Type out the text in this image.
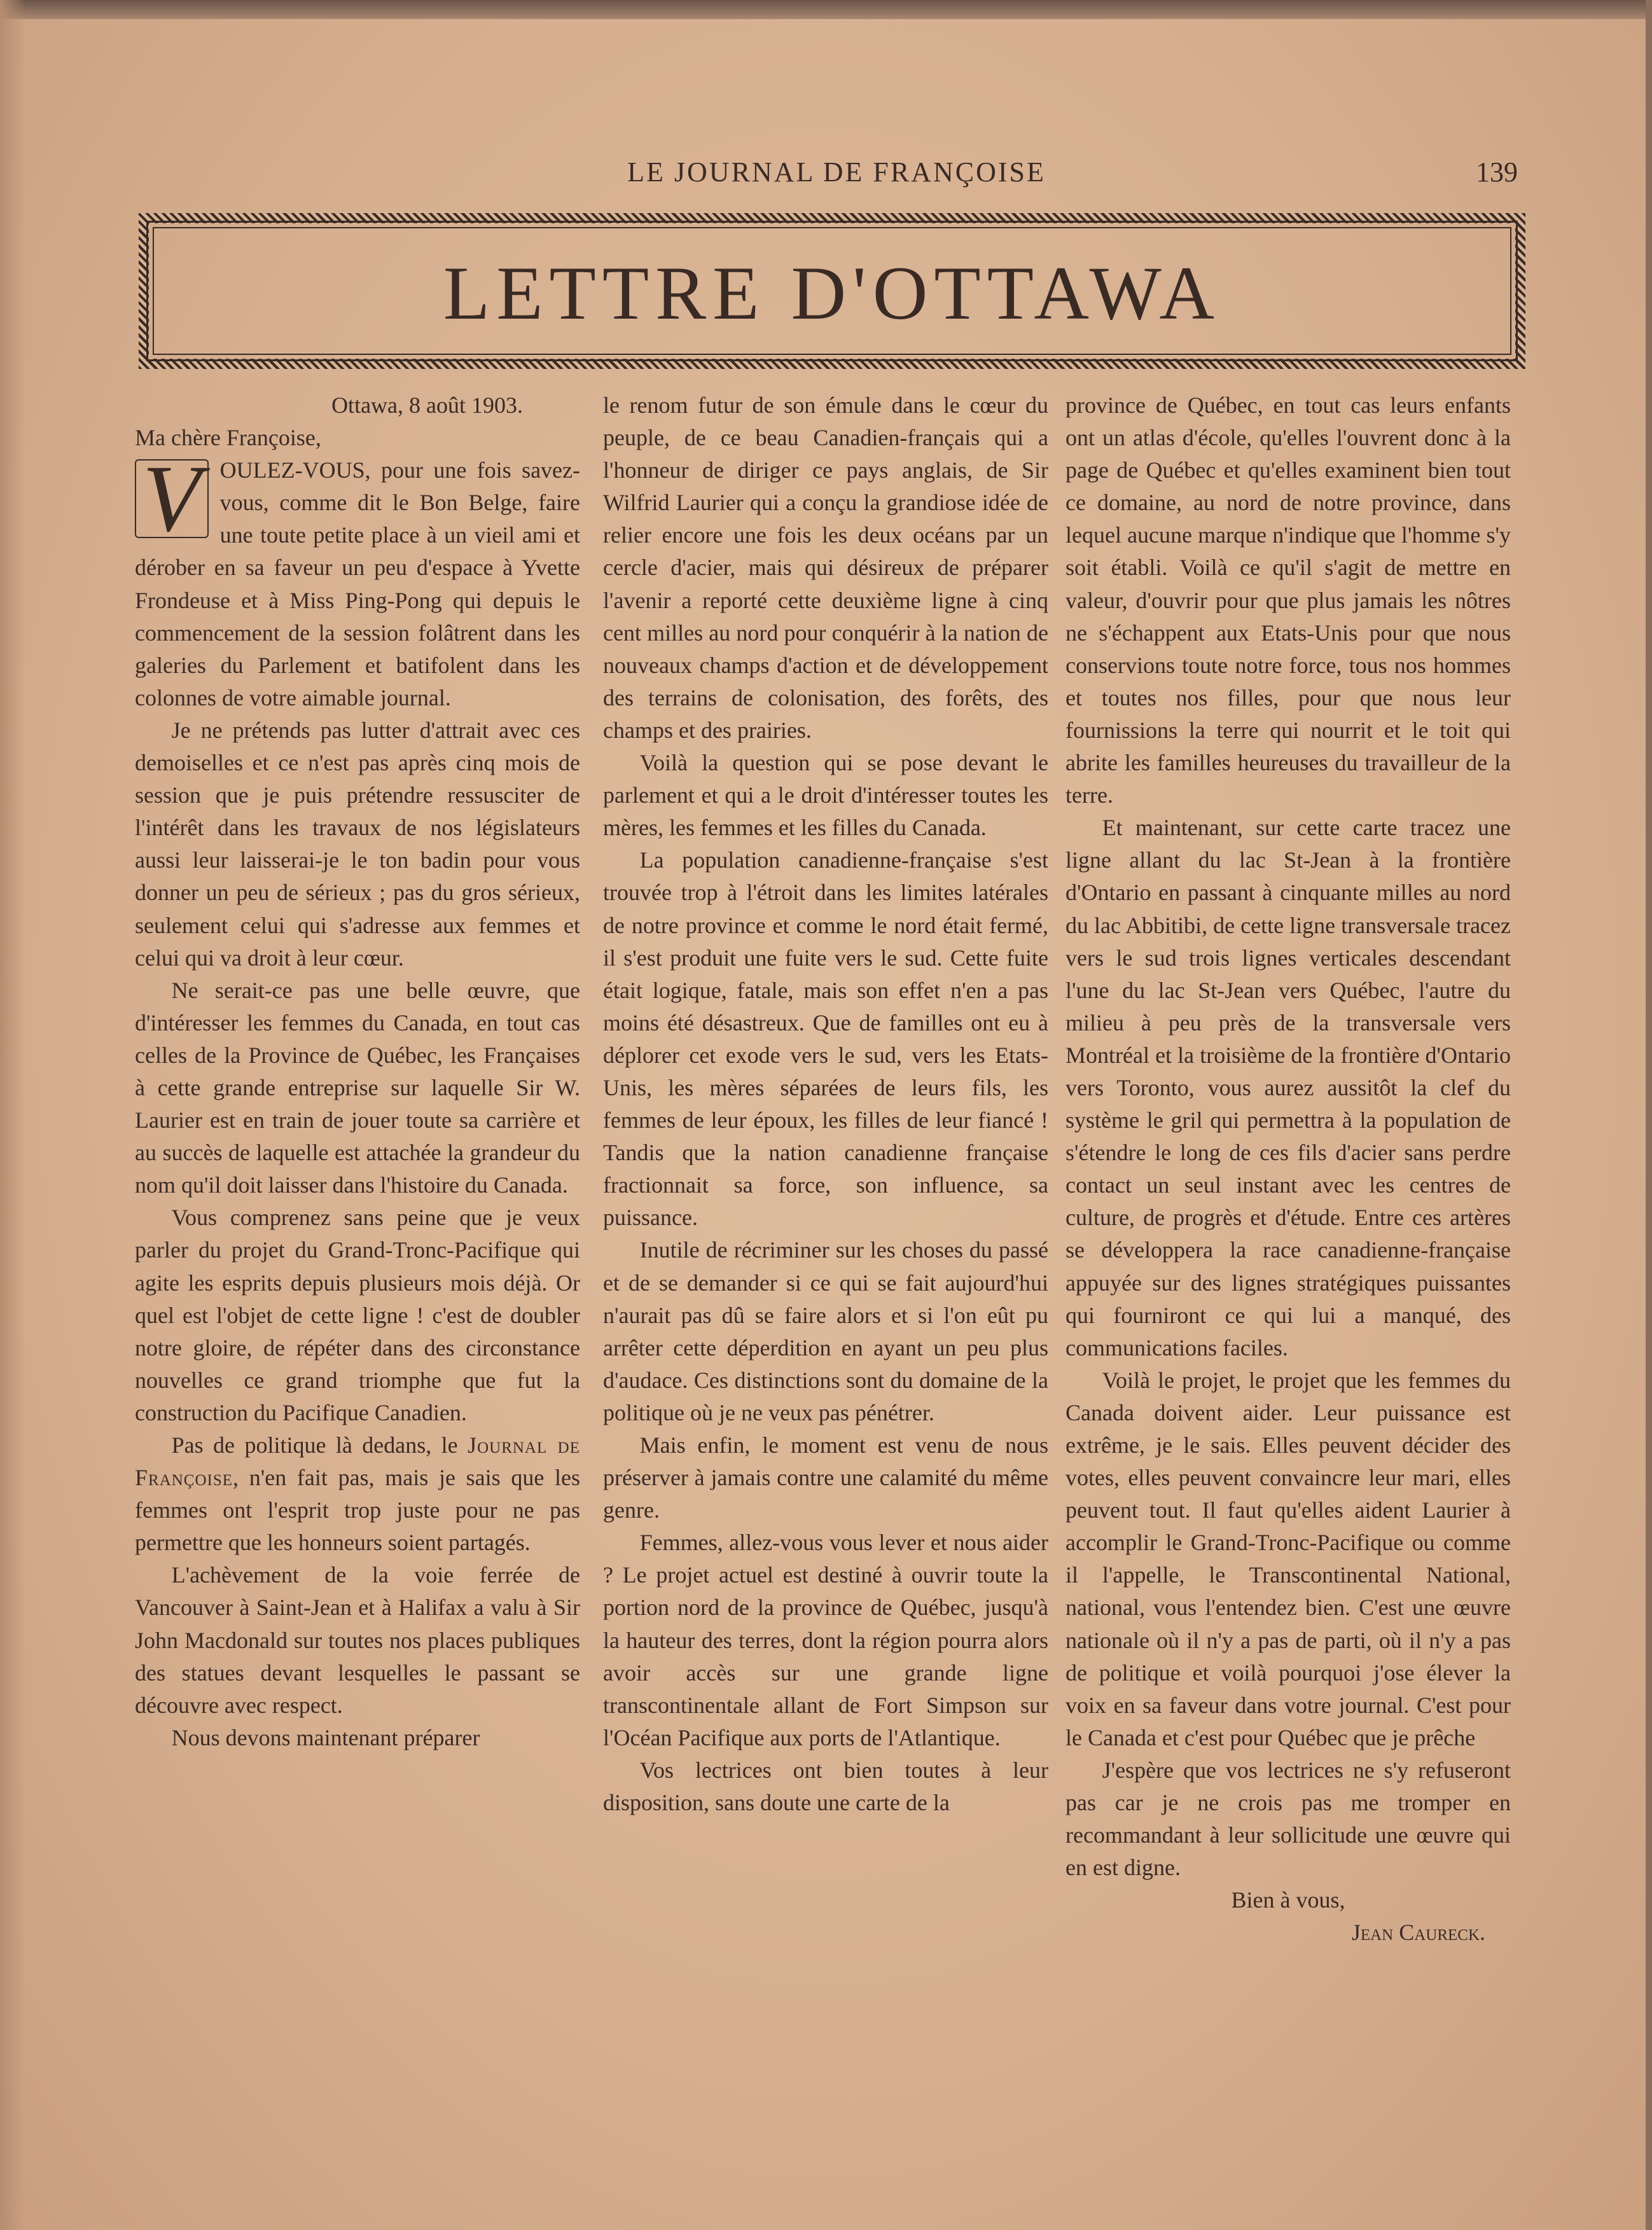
LE JOURNAL DE FRANÇOISE	139
LETTRE D'OTTAWA

Ottawa, 8 août 1903.

Ma chère Françoise,

V OULEZ-VOUS, pour une fois savez-vous, comme dit le Bon Belge, faire une toute petite place à un vieil ami et dérober en sa faveur un peu d'espace à Yvette Frondeuse et à Miss Ping-Pong qui depuis le commencement de la session folâtrent dans les galeries du Parlement et batifolent dans les colonnes de votre aimable journal.

Je ne prétends pas lutter d'attrait avec ces demoiselles et ce n'est pas après cinq mois de session que je puis prétendre ressusciter de l'intérêt dans les travaux de nos législateurs aussi leur laisserai-je le ton badin pour vous donner un peu de sérieux ; pas du gros sérieux, seulement celui qui s'adresse aux femmes et celui qui va droit à leur cœur.

Ne serait-ce pas une belle œuvre, que d'intéresser les femmes du Canada, en tout cas celles de la Province de Québec, les Françaises à cette grande entreprise sur laquelle Sir W. Laurier est en train de jouer toute sa carrière et au succès de laquelle est attachée la grandeur du nom qu'il doit laisser dans l'histoire du Canada.

Vous comprenez sans peine que je veux parler du projet du Grand-Tronc-Pacifique qui agite les esprits depuis plusieurs mois déjà. Or quel est l'objet de cette ligne ! c'est de doubler notre gloire, de répéter dans des circonstance nouvelles ce grand triomphe que fut la construction du Pacifique Canadien.

Pas de politique là dedans, le Journal de Françoise, n'en fait pas, mais je sais que les femmes ont l'esprit trop juste pour ne pas permettre que les honneurs soient partagés.

L'achèvement de la voie ferrée de Vancouver à Saint-Jean et à Halifax a valu à Sir John Macdonald sur toutes nos places publiques des statues devant lesquelles le passant se découvre avec respect.

Nous devons maintenant préparer

le renom futur de son émule dans le cœur du peuple, de ce beau Canadien-français qui a l'honneur de diriger ce pays anglais, de Sir Wilfrid Laurier qui a conçu la grandiose idée de relier encore une fois les deux océans par un cercle d'acier, mais qui désireux de préparer l'avenir a reporté cette deuxième ligne à cinq cent milles au nord pour conquérir à la nation de nouveaux champs d'action et de développement des terrains de colonisation, des forêts, des champs et des prairies.

Voilà la question qui se pose devant le parlement et qui a le droit d'intéresser toutes les mères, les femmes et les filles du Canada.

La population canadienne-française s'est trouvée trop à l'étroit dans les limites latérales de notre province et comme le nord était fermé, il s'est produit une fuite vers le sud. Cette fuite était logique, fatale, mais son effet n'en a pas moins été désastreux. Que de familles ont eu à déplorer cet exode vers le sud, vers les Etats-Unis, les mères séparées de leurs fils, les femmes de leur époux, les filles de leur fiancé ! Tandis que la nation canadienne française fractionnait sa force, son influence, sa puissance.

Inutile de récriminer sur les choses du passé et de se demander si ce qui se fait aujourd'hui n'aurait pas dû se faire alors et si l'on eût pu arrêter cette déperdition en ayant un peu plus d'audace. Ces distinctions sont du domaine de la politique où je ne veux pas pénétrer.

Mais enfin, le moment est venu de nous préserver à jamais contre une calamité du même genre.

Femmes, allez-vous vous lever et nous aider ? Le projet actuel est destiné à ouvrir toute la portion nord de la province de Québec, jusqu'à la hauteur des terres, dont la région pourra alors avoir accès sur une grande ligne transcontinentale allant de Fort Simpson sur l'Océan Pacifique aux ports de l'Atlantique.

Vos lectrices ont bien toutes à leur disposition, sans doute une carte de la

province de Québec, en tout cas leurs enfants ont un atlas d'école, qu'elles l'ouvrent donc à la page de Québec et qu'elles examinent bien tout ce domaine, au nord de notre province, dans lequel aucune marque n'indique que l'homme s'y soit établi. Voilà ce qu'il s'agit de mettre en valeur, d'ouvrir pour que plus jamais les nôtres ne s'échappent aux Etats-Unis pour que nous conservions toute notre force, tous nos hommes et toutes nos filles, pour que nous leur fournissions la terre qui nourrit et le toit qui abrite les familles heureuses du travailleur de la terre.

Et maintenant, sur cette carte tracez une ligne allant du lac St-Jean à la frontière d'Ontario en passant à cinquante milles au nord du lac Abbitibi, de cette ligne transversale tracez vers le sud trois lignes verticales descendant l'une du lac St-Jean vers Québec, l'autre du milieu à peu près de la transversale vers Montréal et la troisième de la frontière d'Ontario vers Toronto, vous aurez aussitôt la clef du système le gril qui permettra à la population de s'étendre le long de ces fils d'acier sans perdre contact un seul instant avec les centres de culture, de progrès et d'étude. Entre ces artères se développera la race canadienne-française appuyée sur des lignes stratégiques puissantes qui fourniront ce qui lui a manqué, des communications faciles.

Voilà le projet, le projet que les femmes du Canada doivent aider. Leur puissance est extrême, je le sais. Elles peuvent décider des votes, elles peuvent convaincre leur mari, elles peuvent tout. Il faut qu'elles aident Laurier à accomplir le Grand-Tronc-Pacifique ou comme il l'appelle, le Transcontinental National, national, vous l'entendez bien. C'est une œuvre nationale où il n'y a pas de parti, où il n'y a pas de politique et voilà pourquoi j'ose élever la voix en sa faveur dans votre journal. C'est pour le Canada et c'est pour Québec que je prêche

J'espère que vos lectrices ne s'y refuseront pas car je ne crois pas me tromper en recommandant à leur sollicitude une œuvre qui en est digne.

Bien à vous,

Jean Caureck.
